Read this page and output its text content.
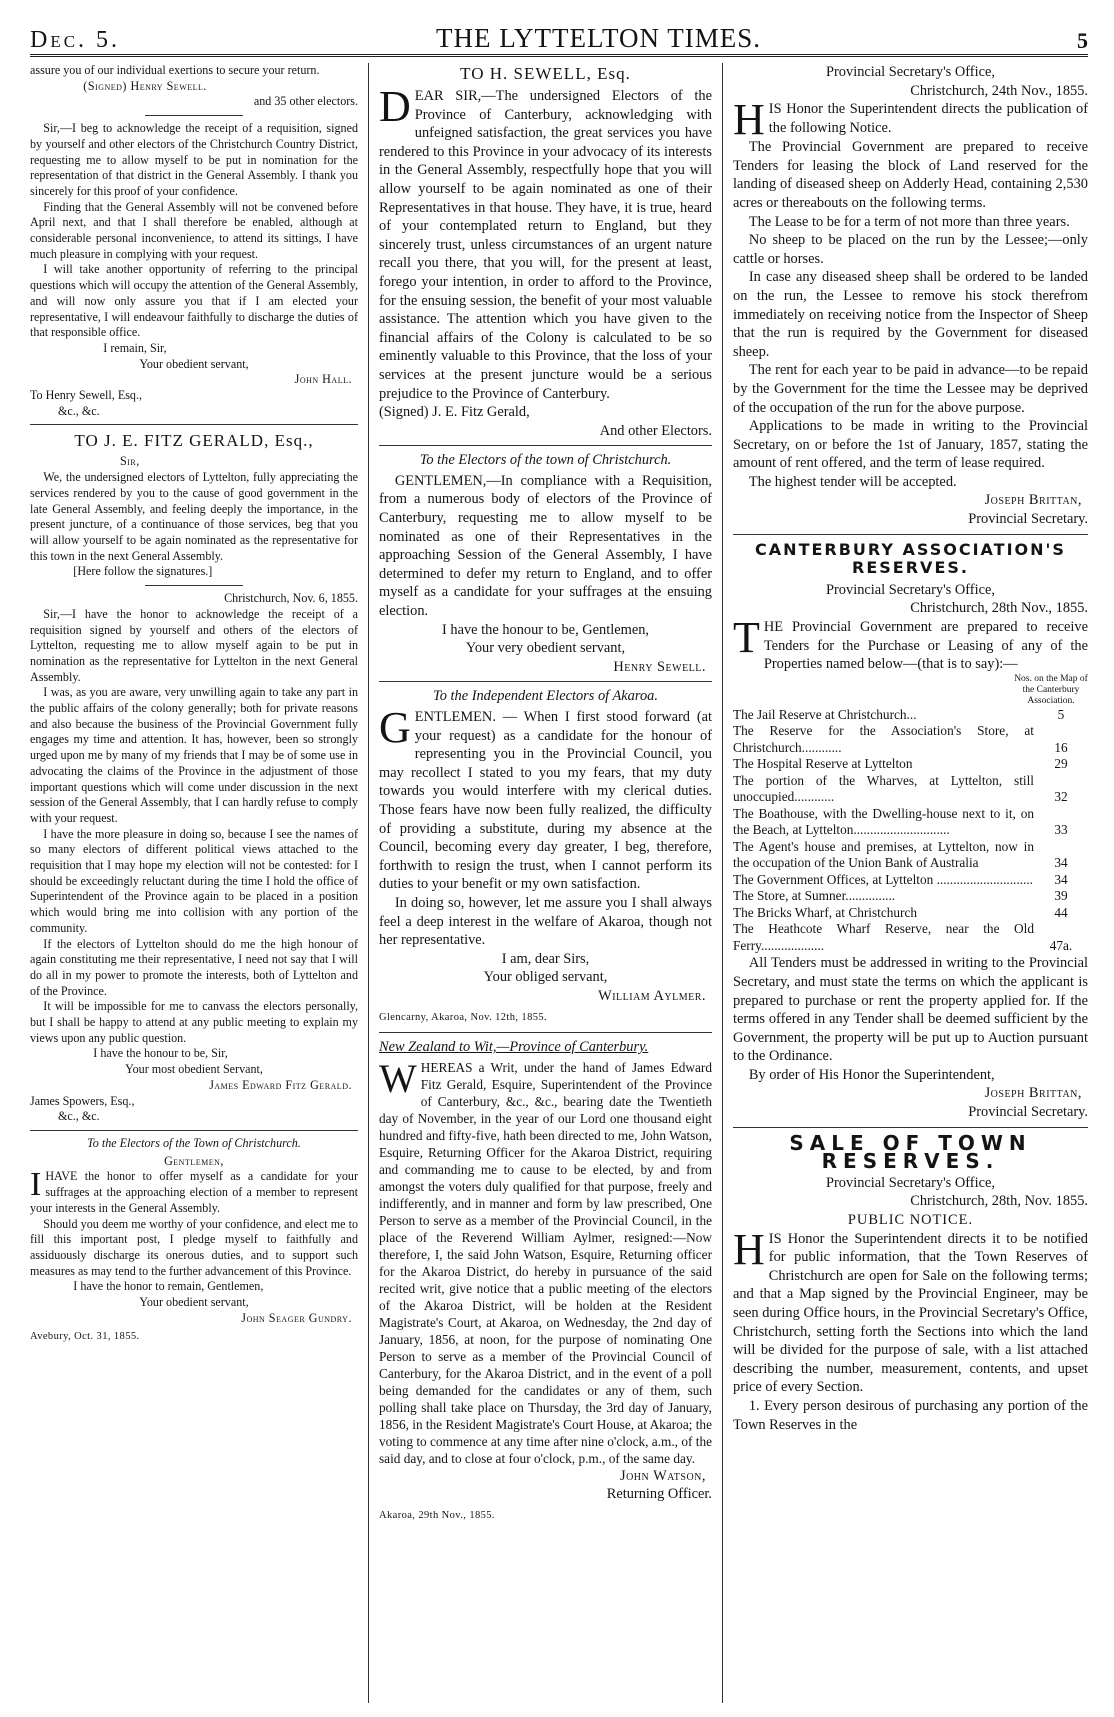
Dec. 5.	THE LYTTELTON TIMES.	5

assure you of our individual exertions to secure your return.

(Signed) Henry Sewell.

and 35 other electors.

Sir,—I beg to acknowledge the receipt of a requisition, signed by yourself and other electors of the Christchurch Country District, requesting me to allow myself to be put in nomination for the representation of that district in the General Assembly. I thank you sincerely for this proof of your confidence.

Finding that the General Assembly will not be convened before April next, and that I shall therefore be enabled, although at considerable personal inconvenience, to attend its sittings, I have much pleasure in complying with your request.

I will take another opportunity of referring to the principal questions which will occupy the attention of the General Assembly, and will now only assure you that if I am elected your representative, I will endeavour faithfully to discharge the duties of that responsible office.

I remain, Sir,

Your obedient servant,

John Hall.

To Henry Sewell, Esq.,

&c., &c.

TO J. E. FITZ GERALD, Esq.,

Sir,

We, the undersigned electors of Lyttelton, fully appreciating the services rendered by you to the cause of good government in the late General Assembly, and feeling deeply the importance, in the present juncture, of a continuance of those services, beg that you will allow yourself to be again nominated as the representative for this town in the next General Assembly.

[Here follow the signatures.]

Christchurch, Nov. 6, 1855.

Sir,—I have the honor to acknowledge the receipt of a requisition signed by yourself and others of the electors of Lyttelton, requesting me to allow myself again to be put in nomination as the representative for Lyttelton in the next General Assembly.

I was, as you are aware, very unwilling again to take any part in the public affairs of the colony generally; both for private reasons and also because the business of the Provincial Government fully engages my time and attention. It has, however, been so strongly urged upon me by many of my friends that I may be of some use in advocating the claims of the Province in the adjustment of those important questions which will come under discussion in the next session of the General Assembly, that I can hardly refuse to comply with your request.

I have the more pleasure in doing so, because I see the names of so many electors of different political views attached to the requisition that I may hope my election will not be contested: for I should be exceedingly reluctant during the time I hold the office of Superintendent of the Province again to be placed in a position which would bring me into collision with any portion of the community.

If the electors of Lyttelton should do me the high honour of again constituting me their representative, I need not say that I will do all in my power to promote the interests, both of Lyttelton and of the Province.

It will be impossible for me to canvass the electors personally, but I shall be happy to attend at any public meeting to explain my views upon any public question.

I have the honour to be, Sir,

Your most obedient Servant,

James Edward Fitz Gerald.

James Spowers, Esq.,

&c., &c.

To the Electors of the Town of Christchurch.

Gentlemen,

IHAVE the honor to offer myself as a candidate for your suffrages at the approaching election of a member to represent your interests in the General Assembly.

Should you deem me worthy of your confidence, and elect me to fill this important post, I pledge myself to faithfully and assiduously discharge its onerous duties, and to support such measures as may tend to the further advancement of this Province.

I have the honor to remain, Gentlemen,

Your obedient servant,

John Seager Gundry.

Avebury, Oct. 31, 1855.

TO H. SEWELL, Esq.

DEAR SIR,—The undersigned Electors of the Province of Canterbury, acknowledging with unfeigned satisfaction, the great services you have rendered to this Province in your advocacy of its interests in the General Assembly, respectfully hope that you will allow yourself to be again nominated as one of their Representatives in that house. They have, it is true, heard of your contemplated return to England, but they sincerely trust, unless circumstances of an urgent nature recall you there, that you will, for the present at least, forego your intention, in order to afford to the Province, for the ensuing session, the benefit of your most valuable assistance. The attention which you have given to the financial affairs of the Colony is calculated to be so eminently valuable to this Province, that the loss of your services at the present juncture would be a serious prejudice to the Province of Canterbury.

(Signed) J. E. Fitz Gerald,

And other Electors.

To the Electors of the town of Christchurch.

GENTLEMEN,—In compliance with a Requisition, from a numerous body of electors of the Province of Canterbury, requesting me to allow myself to be nominated as one of their Representatives in the approaching Session of the General Assembly, I have determined to defer my return to England, and to offer myself as a candidate for your suffrages at the ensuing election.

I have the honour to be, Gentlemen,

Your very obedient servant,

Henry Sewell.

To the Independent Electors of Akaroa.

GENTLEMEN. — When I first stood forward (at your request) as a candidate for the honour of representing you in the Provincial Council, you may recollect I stated to you my fears, that my duty towards you would interfere with my clerical duties. Those fears have now been fully realized, the difficulty of providing a substitute, during my absence at the Council, becoming every day greater, I beg, therefore, forthwith to resign the trust, when I cannot perform its duties to your benefit or my own satisfaction.

In doing so, however, let me assure you I shall always feel a deep interest in the welfare of Akaroa, though not her representative.

I am, dear Sirs,

Your obliged servant,

William Aylmer.

Glencarny, Akaroa, Nov. 12th, 1855.

New Zealand to Wit,—Province of Canterbury.

WHEREAS a Writ, under the hand of James Edward Fitz Gerald, Esquire, Superintendent of the Province of Canterbury, &c., &c., bearing date the Twentieth day of November, in the year of our Lord one thousand eight hundred and fifty-five, hath been directed to me, John Watson, Esquire, Returning Officer for the Akaroa District, requiring and commanding me to cause to be elected, by and from amongst the voters duly qualified for that purpose, freely and indifferently, and in manner and form by law prescribed, One Person to serve as a member of the Provincial Council, in the place of the Reverend William Aylmer, resigned:—Now therefore, I, the said John Watson, Esquire, Returning officer for the Akaroa District, do hereby in pursuance of the said recited writ, give notice that a public meeting of the electors of the Akaroa District, will be holden at the Resident Magistrate's Court, at Akaroa, on Wednesday, the 2nd day of January, 1856, at noon, for the purpose of nominating One Person to serve as a member of the Provincial Council of Canterbury, for the Akaroa District, and in the event of a poll being demanded for the candidates or any of them, such polling shall take place on Thursday, the 3rd day of January, 1856, in the Resident Magistrate's Court House, at Akaroa; the voting to commence at any time after nine o'clock, a.m., of the said day, and to close at four o'clock, p.m., of the same day.

John Watson,

Returning Officer.

Akaroa, 29th Nov., 1855.

Provincial Secretary's Office,

Christchurch, 24th Nov., 1855.

HIS Honor the Superintendent directs the publication of the following Notice.

The Provincial Government are prepared to receive Tenders for leasing the block of Land reserved for the landing of diseased sheep on Adderly Head, containing 2,530 acres or thereabouts on the following terms.

The Lease to be for a term of not more than three years.

No sheep to be placed on the run by the Lessee;—only cattle or horses.

In case any diseased sheep shall be ordered to be landed on the run, the Lessee to remove his stock therefrom immediately on receiving notice from the Inspector of Sheep that the run is required by the Government for diseased sheep.

The rent for each year to be paid in advance—to be repaid by the Government for the time the Lessee may be deprived of the occupation of the run for the above purpose.

Applications to be made in writing to the Provincial Secretary, on or before the 1st of January, 1857, stating the amount of rent offered, and the term of lease required.

The highest tender will be accepted.

Joseph Brittan,

Provincial Secretary.

CANTERBURY ASSOCIATION'S RESERVES.

Provincial Secretary's Office,

Christchurch, 28th Nov., 1855.

THE Provincial Government are prepared to receive Tenders for the Purchase or Leasing of any of the Properties named below—(that is to say):—

Nos. on the Map of the Canterbury Association.
The Jail Reserve at Christchurch...	5
The Reserve for the Association's Store, at Christchurch............	16
The Hospital Reserve at Lyttelton	29
The portion of the Wharves, at Lyttelton, still unoccupied............	32
The Boathouse, with the Dwelling-house next to it, on the Beach, at Lyttelton.............................	33
The Agent's house and premises, at Lyttelton, now in the occupation of the Union Bank of Australia	34
The Government Offices, at Lyttelton .............................	34
The Store, at Sumner...............	39
The Bricks Wharf, at Christchurch	44
The Heathcote Wharf Reserve, near the Old Ferry...................	47a.

All Tenders must be addressed in writing to the Provincial Secretary, and must state the terms on which the applicant is prepared to purchase or rent the property applied for. If the terms offered in any Tender shall be deemed sufficient by the Government, the property will be put up to Auction pursuant to the Ordinance.

By order of His Honor the Superintendent,

Joseph Brittan,

Provincial Secretary.

SALE OF TOWN RESERVES.

Provincial Secretary's Office,

Christchurch, 28th, Nov. 1855.

PUBLIC NOTICE.

HIS Honor the Superintendent directs it to be notified for public information, that the Town Reserves of Christchurch are open for Sale on the following terms; and that a Map signed by the Provincial Engineer, may be seen during Office hours, in the Provincial Secretary's Office, Christchurch, setting forth the Sections into which the land will be divided for the purpose of sale, with a list attached describing the number, measurement, contents, and upset price of every Section.

1. Every person desirous of purchasing any portion of the Town Reserves in the
